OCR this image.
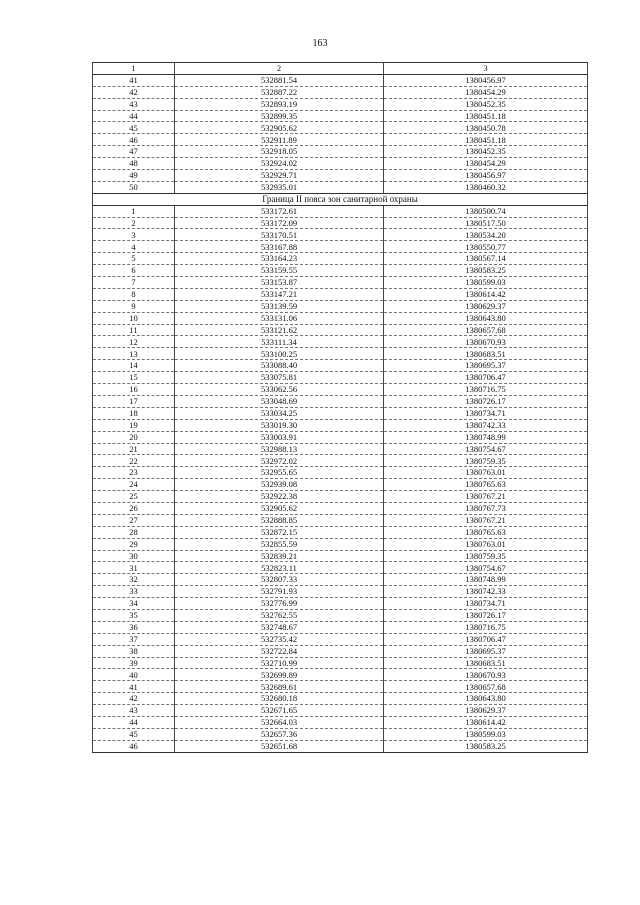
163
1	2	3
41	532881.54	1380456.97
42	532887.22	1380454.29
43	532893.19	1380452.35
44	532899.35	1380451.18
45	532905.62	1380450.78
46	532911.89	1380451.18
47	532918.05	1380452.35
48	532924.02	1380454.29
49	532929.71	1380456.97
50	532935.01	1380460.32
Граница II пояса зон санитарной охраны		
1	533172.61	1380500.74
2	533172.09	1380517.50
3	533170.51	1380534.20
4	533167.88	1380550.77
5	533164.23	1380567.14
6	533159.55	1380583.25
7	533153.87	1380599.03
8	533147.21	1380614.42
9	533139.59	1380629.37
10	533131.06	1380643.80
11	533121.62	1380657.68
12	533111.34	1380670.93
13	533100.25	1380683.51
14	533088.40	1380695.37
15	533075.81	1380706.47
16	533062.56	1380716.75
17	533048.69	1380726.17
18	533034.25	1380734.71
19	533019.30	1380742.33
20	533003.91	1380748.99
21	532988.13	1380754.67
22	532972.02	1380759.35
23	532955.65	1380763.01
24	532939.08	1380765.63
25	532922.38	1380767.21
26	532905.62	1380767.73
27	532888.85	1380767.21
28	532872.15	1380765.63
29	532855.59	1380763.01
30	532839.21	1380759.35
31	532823.11	1380754.67
32	532807.33	1380748.99
33	532791.93	1380742.33
34	532776.99	1380734.71
35	532762.55	1380726.17
36	532748.67	1380716.75
37	532735.42	1380706.47
38	532722.84	1380695.37
39	532710.99	1380683.51
40	532699.89	1380670.93
41	532689.61	1380657.68
42	532680.18	1380643.80
43	532671.65	1380629.37
44	532664.03	1380614.42
45	532657.36	1380599.03
46	532651.68	1380583.25
